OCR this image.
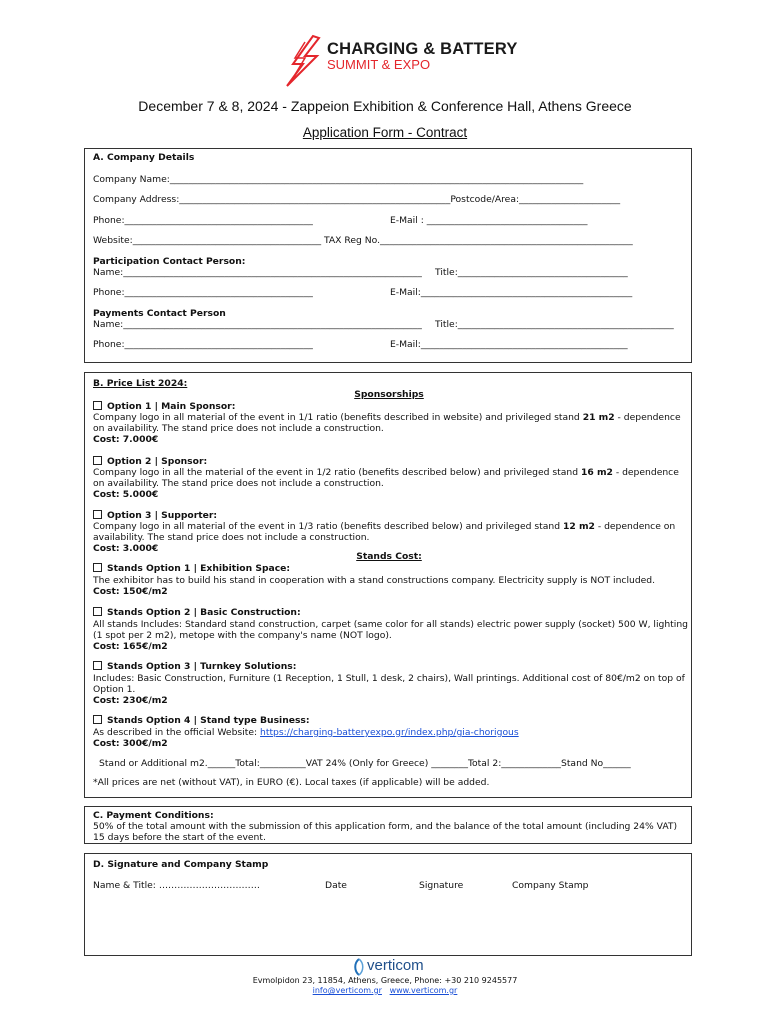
CHARGING & BATTERY
SUMMIT & EXPO
December 7 & 8, 2024 - Zappeion Exhibition & Conference Hall, Athens Greece
Application Form - Contract
A. Company Details
Company Name:__________________________________________________________________________________________
Company Address:___________________________________________________________Postcode/Area:______________________
Phone:_________________________________________	E-Mail : ___________________________________
Website:_________________________________________ TAX Reg No._______________________________________________________
Participation Contact Person:
Name:_________________________________________________________________ Title:_____________________________________
Phone:_________________________________________	E-Mail:______________________________________________
Payments Contact Person
Name:_________________________________________________________________ Title:_______________________________________________
Phone:_________________________________________	E-Mail:_____________________________________________
B. Price List 2024:
Sponsorships
Option 1 | Main Sponsor:
Company logo in all material of the event in 1/1 ratio (benefits described in website) and privileged stand 21 m2 - dependence on availability. The stand price does not include a construction.
Cost: 7.000€
Option 2 | Sponsor:
Company logo in all the material of the event in 1/2 ratio (benefits described below) and privileged stand 16 m2 - dependence on availability. The stand price does not include a construction.
Cost: 5.000€
Option 3 | Supporter:
Company logo in all material of the event in 1/3 ratio (benefits described below) and privileged stand 12 m2 - dependence on availability. The stand price does not include a construction.
Cost: 3.000€
Stands Cost:
Stands Option 1 | Exhibition Space:
The exhibitor has to build his stand in cooperation with a stand constructions company. Electricity supply is NOT included.
Cost: 150€/m2
Stands Option 2 | Basic Construction:
All stands Includes: Standard stand construction, carpet (same color for all stands) electric power supply (socket) 500 W, lighting (1 spot per 2 m2), metope with the company's name (NOT logo).
Cost: 165€/m2
Stands Option 3 | Turnkey Solutions:
Includes: Basic Construction, Furniture (1 Reception, 1 Stull, 1 desk, 2 chairs), Wall printings. Additional cost of 80€/m2 on top of Option 1.
Cost: 230€/m2
Stands Option 4 | Stand type Business:
As described in the official Website: https://charging-batteryexpo.gr/index.php/gia-chorigous
Cost: 300€/m2
Stand or Additional m2.______Total:__________VAT 24% (Only for Greece) ________Total 2:_____________Stand No______
*All prices are net (without VAT), in EURO (€). Local taxes (if applicable) will be added.
C. Payment Conditions:
50% of the total amount with the submission of this application form, and the balance of the total amount (including 24% VAT) 15 days before the start of the event.
D. Signature and Company Stamp
Name & Title: ……………………………	Date	Signature	Company Stamp
verticom
Evmolpidon 23, 11854, Athens, Greece, Phone: +30 210 9245577
info@verticom.gr www.verticom.gr
